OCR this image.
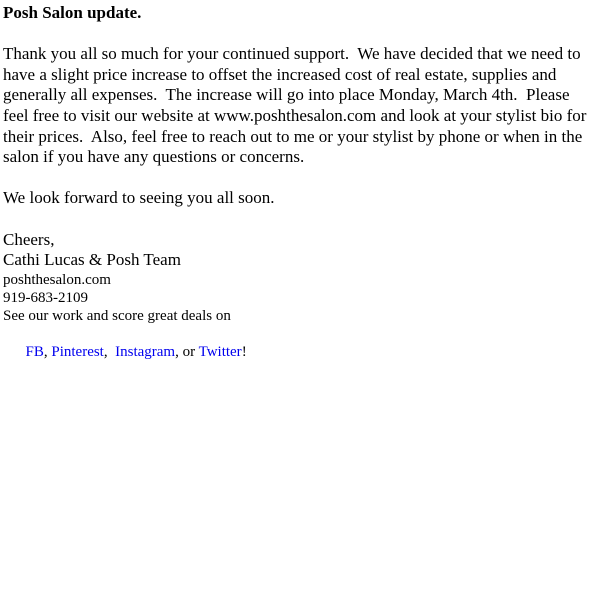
Posh Salon update.
Thank you all so much for your continued support.  We have decided that we need to have a slight price increase to offset the increased cost of real estate, supplies and generally all expenses.  The increase will go into place Monday, March 4th.  Please feel free to visit our website at www.poshthesalon.com and look at your stylist bio for their prices.  Also, feel free to reach out to me or your stylist by phone or when in the salon if you have any questions or concerns.
We look forward to seeing you all soon.
Cheers,
Cathi Lucas & Posh Team
poshthesalon.com
919-683-2109
See our work and score great deals on

FB, Pinterest,  Instagram, or Twitter!
